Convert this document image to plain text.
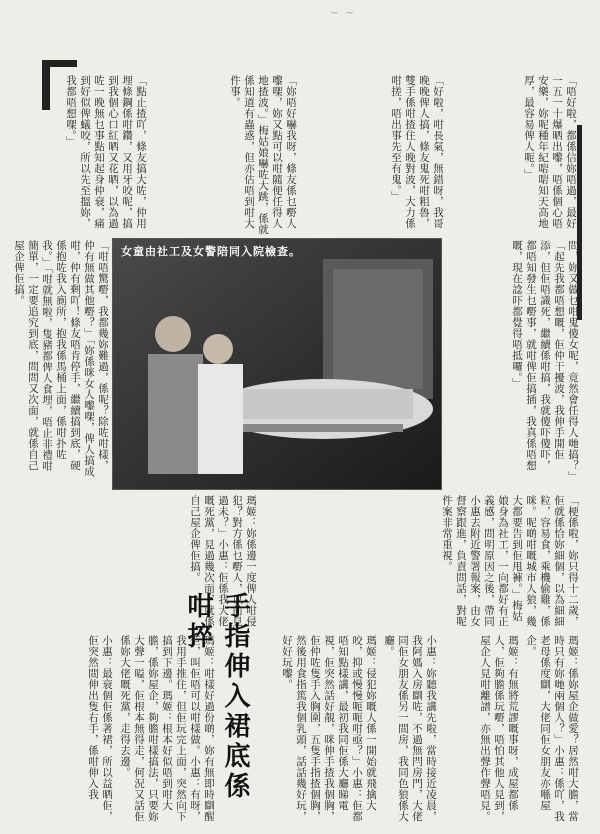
~ ~

「唔好啦，都係信妳唔過，最好一五一十爆晒出嚟，唔係個心唔安樂，妳呢種年紀啱啱知天高地厚，最容易俾人呃。」

「好啦，咁長氣，無錯呀，我哥晚晚俾人搞，條友鬼死咁粗魯，雙手係咁揸住人晚對波，大力係咁搓，唔出事先至有鬼。」

「妳唔好嚇我呀，條友係乜嘢人嚟㗎，妳又點可以咁隨便任得人地揸波。」梅姑娘嚇咗大跳，係就係知道有蟲惑，但亦估唔到咁大件事。

「點止揸吖，條友搞大咗，仲用埋條鋼係咁鑽，又用牙咬呢，搞到我個心口紅晒又花晒，以為過咗一晚無乜事點知起身仲衰，痛到好似俾蟻咬，所以先至搵妳，我都唔想㗎。」

「咁唔驚嘢，我都幾妳難過，係呢？除咗咁樣，仲有無做其他嘢？」「妳係咪女人嚟㗎，俾人搞成咁，仲有剩吖！條友唔肯停手，繼續搞到底，硬係抱咗我入廁所，抱我係馬桶上面，係咁扑咗我。」「咁就無啦，隻豬都俾人食埋，唔止非禮咁簡單，一定要追究到底，問問又次面，就係自己屋企俾佢搞。	女童由社工及女警陪同入院檢查。	問，妳又做乜咁鬼傻女呢，竟然會任得人哋搞？」「起先我都唔想嘅，佢仲干擾波，我伸手開佢添，但佢唔識死，繼續係咁搞，我就傻吓傻吓，都唔知發生乜嘢事，就咁俾佢搞插，我真係唔想嘅，現在諗吓都覺得唔抵囉。」

「梗係啦，妳只得十二歲，佢就係恰妳細個，以為細細粒，容易食，乘機偷雞，係咪。呢啲咁嘅城市人狼，幾大都要告到佢甩褲。」梅姑娘身為社工，一向都好有正義感，問明原因之後，帶同小惠去附近警署報案，由女督察跟進，負責問話，對呢件案非常重視。

瑪姬：妳係邊一度俾人咁侵犯？對方係乜嘢人，以前見過未？」小惠：佢係我大佬嘅死黨，見過幾次面，就係自己屋企俾佢搞。

瑪姬：係妳屋企做愛？居然咁大膽，當時只有妳哋兩個人？」小惠：係吖，我老母係度瞓，大佬同佢女朋友亦喺屋企。

瑪姬：有無將荒謬嘅事呀，成屋都係人，佢夠膽係玩嘢，唔怕其他人見到，屋企人見咁離譜，亦無出聲作聲唔見。

小惠：妳聽我講先啦，當時接近凌晨，我阿媽入房瞓咗，不過無閂房門，大佬同佢女朋友係另一間房，我同色狼係大廳。

瑪姬：侵犯妳嘅人係一開始就飛擒大咬，抑或慢慢呃呃咁亟？」小惠：佢都唔知點樣講，最初我同佢係大廳睇電視，佢突然話好靚，咪伸手揸我個胸，佢仲咗隻手入胸圍，五隻手指揸個胸，然後用食指篤我個乳頭，話話幾好玩，好好玩嚟。

手指伸入裙底係咁捽

瑪姬：咁樣好過份啲，妳有無即時瞓醒佢，叫佢唔可以咁樣做。小惠：有呀，我用手推住，但佢玩完上面，突然向下搞到下邊。瑪姬：根本好似唔到咁大膽，係妳屋企，夠膽咁樣搞法，只要妳大聲一嗌，佢根本無得走，何況又話佢係妳大佬嘅死黨，走得去邊。

小惠：最衰個佢係著裙，所以益晒佢，佢突然間伸出隻右手，係咁伸入我
